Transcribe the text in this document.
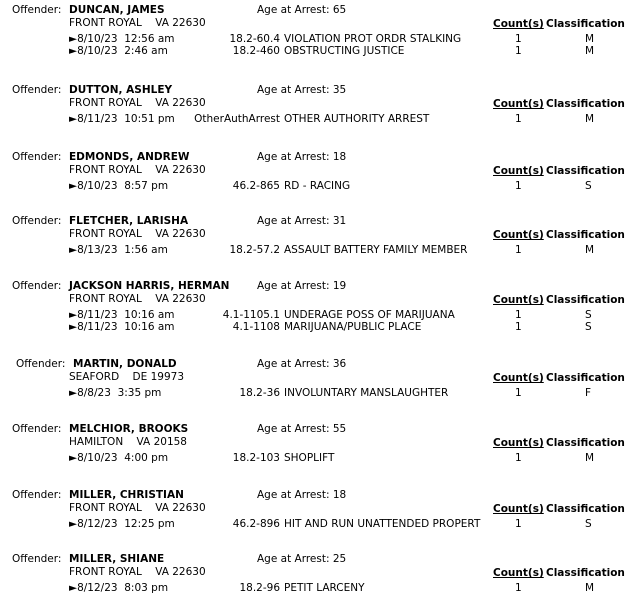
Offender: DUNCAN, JAMES	Age at Arrest: 65
FRONT ROYAL VA 22630	Count(s) Classification
►8/10/23 12:56 am	18.2-60.4 VIOLATION PROT ORDR STALKING	1	M
►8/10/23 2:46 am	18.2-460 OBSTRUCTING JUSTICE	1	M
Offender: DUTTON, ASHLEY	Age at Arrest: 35
FRONT ROYAL VA 22630	Count(s) Classification
►8/11/23 10:51 pm OtherAuthArrest OTHER AUTHORITY ARREST	1	M
Offender: EDMONDS, ANDREW	Age at Arrest: 18
FRONT ROYAL VA 22630	Count(s) Classification
►8/10/23 8:57 pm	46.2-865 RD - RACING	1	S
Offender: FLETCHER, LARISHA	Age at Arrest: 31
FRONT ROYAL VA 22630	Count(s) Classification
►8/13/23 1:56 am	18.2-57.2 ASSAULT BATTERY FAMILY MEMBER	1	M
Offender: JACKSON HARRIS, HERMAN	Age at Arrest: 19
FRONT ROYAL VA 22630	Count(s) Classification
►8/11/23 10:16 am	4.1-1105.1 UNDERAGE POSS OF MARIJUANA	1	S
►8/11/23 10:16 am	4.1-1108 MARIJUANA/PUBLIC PLACE	1	S
Offender: MARTIN, DONALD	Age at Arrest: 36
SEAFORD DE 19973	Count(s) Classification
►8/8/23 3:35 pm	18.2-36 INVOLUNTARY MANSLAUGHTER	1	F
Offender: MELCHIOR, BROOKS	Age at Arrest: 55
HAMILTON VA 20158	Count(s) Classification
►8/10/23 4:00 pm	18.2-103 SHOPLIFT	1	M
Offender: MILLER, CHRISTIAN	Age at Arrest: 18
FRONT ROYAL VA 22630	Count(s) Classification
►8/12/23 12:25 pm	46.2-896 HIT AND RUN UNATTENDED PROPERT	1	S
Offender: MILLER, SHIANE	Age at Arrest: 25
FRONT ROYAL VA 22630	Count(s) Classification
►8/12/23 8:03 pm	18.2-96 PETIT LARCENY	1	M
